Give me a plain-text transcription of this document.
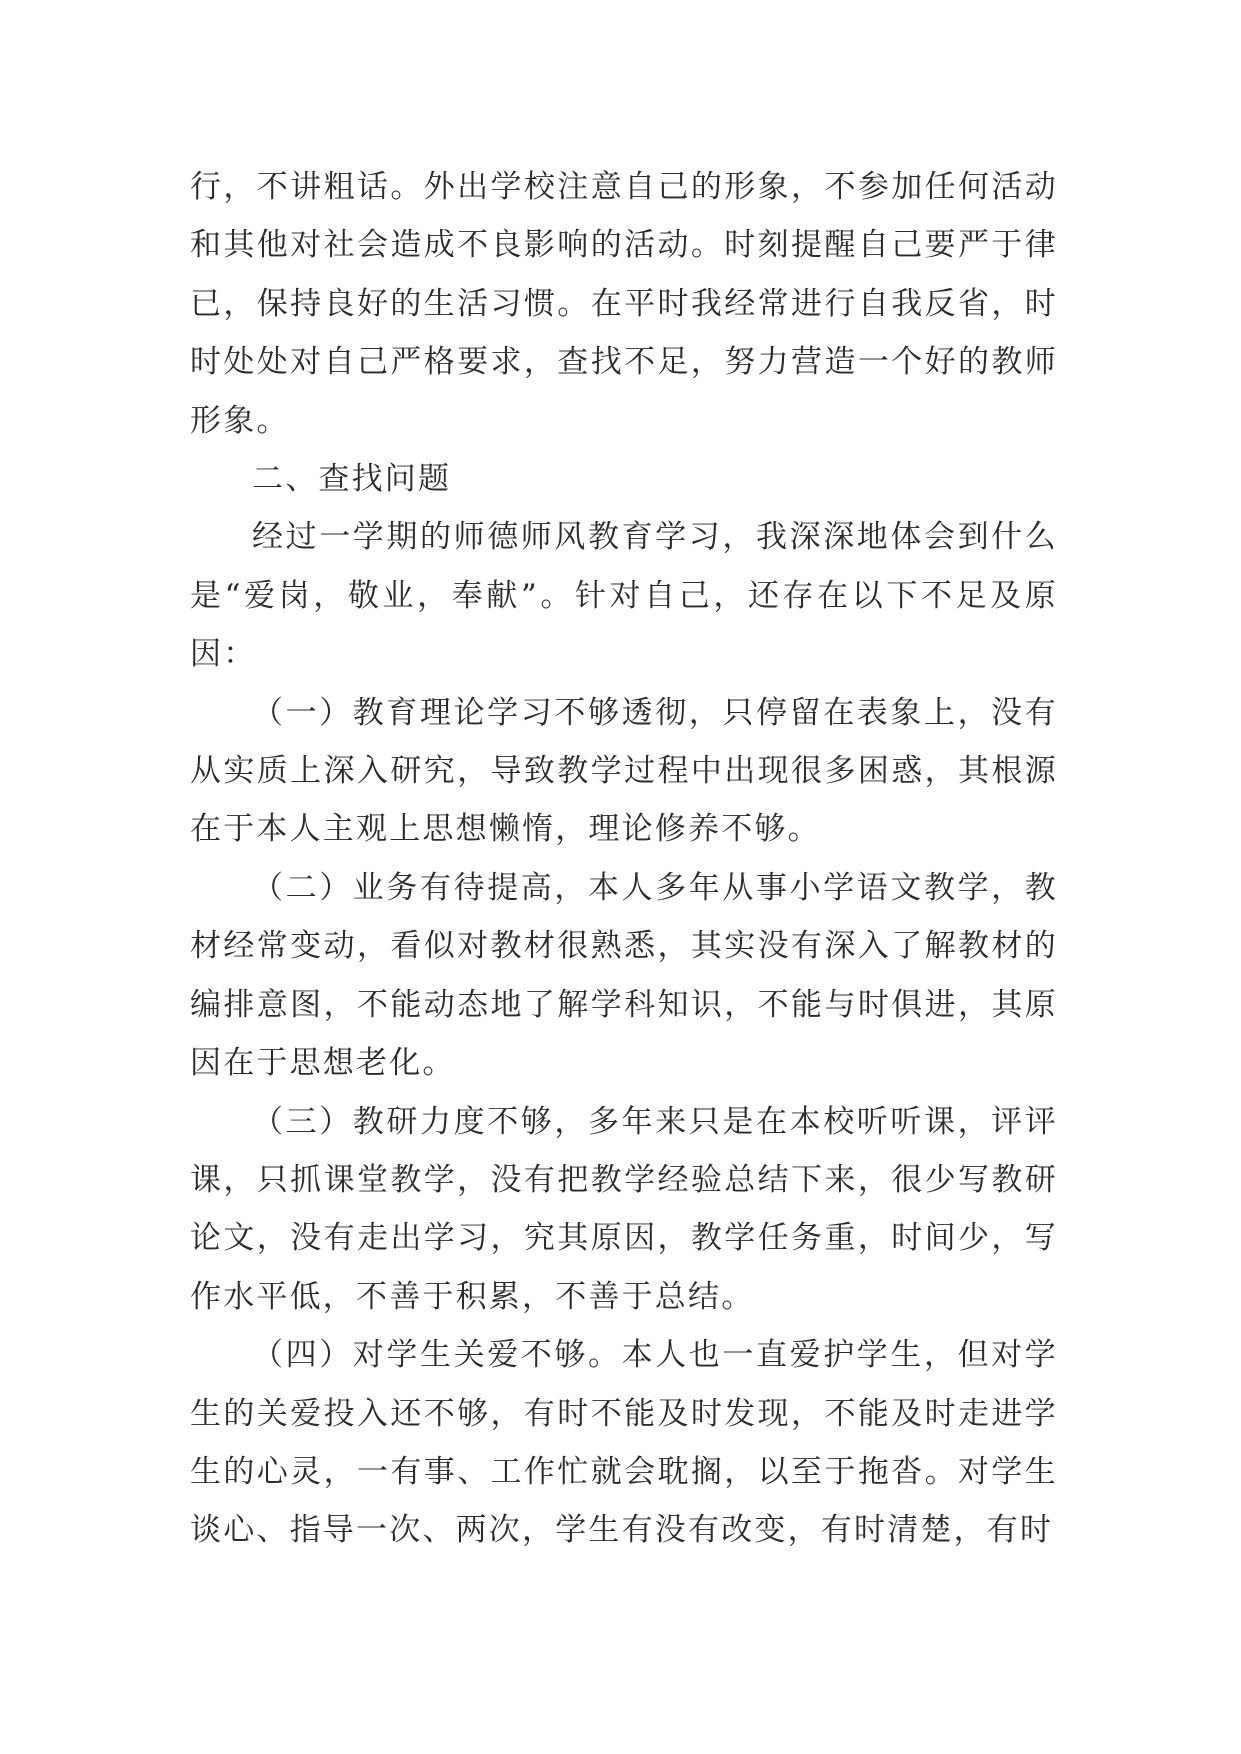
行，不讲粗话。外出学校注意自己的形象，不参加任何活动和其他对社会造成不良影响的活动。时刻提醒自己要严于律已，保持良好的生活习惯。在平时我经常进行自我反省，时时处处对自己严格要求，查找不足，努力营造一个好的教师形象。

二、查找问题

经过一学期的师德师风教育学习，我深深地体会到什么是“爱岗，敬业，奉献”。针对自己，还存在以下不足及原因：

（一）教育理论学习不够透彻，只停留在表象上，没有从实质上深入研究，导致教学过程中出现很多困惑，其根源在于本人主观上思想懒惰，理论修养不够。

（二）业务有待提高，本人多年从事小学语文教学，教材经常变动，看似对教材很熟悉，其实没有深入了解教材的编排意图，不能动态地了解学科知识，不能与时俱进，其原因在于思想老化。

（三）教研力度不够，多年来只是在本校听听课，评评课，只抓课堂教学，没有把教学经验总结下来，很少写教研论文，没有走出学习，究其原因，教学任务重，时间少，写作水平低，不善于积累，不善于总结。

（四）对学生关爱不够。本人也一直爱护学生，但对学生的关爱投入还不够，有时不能及时发现，不能及时走进学生的心灵，一有事、工作忙就会耽搁，以至于拖沓。对学生谈心、指导一次、两次，学生有没有改变，有时清楚，有时
